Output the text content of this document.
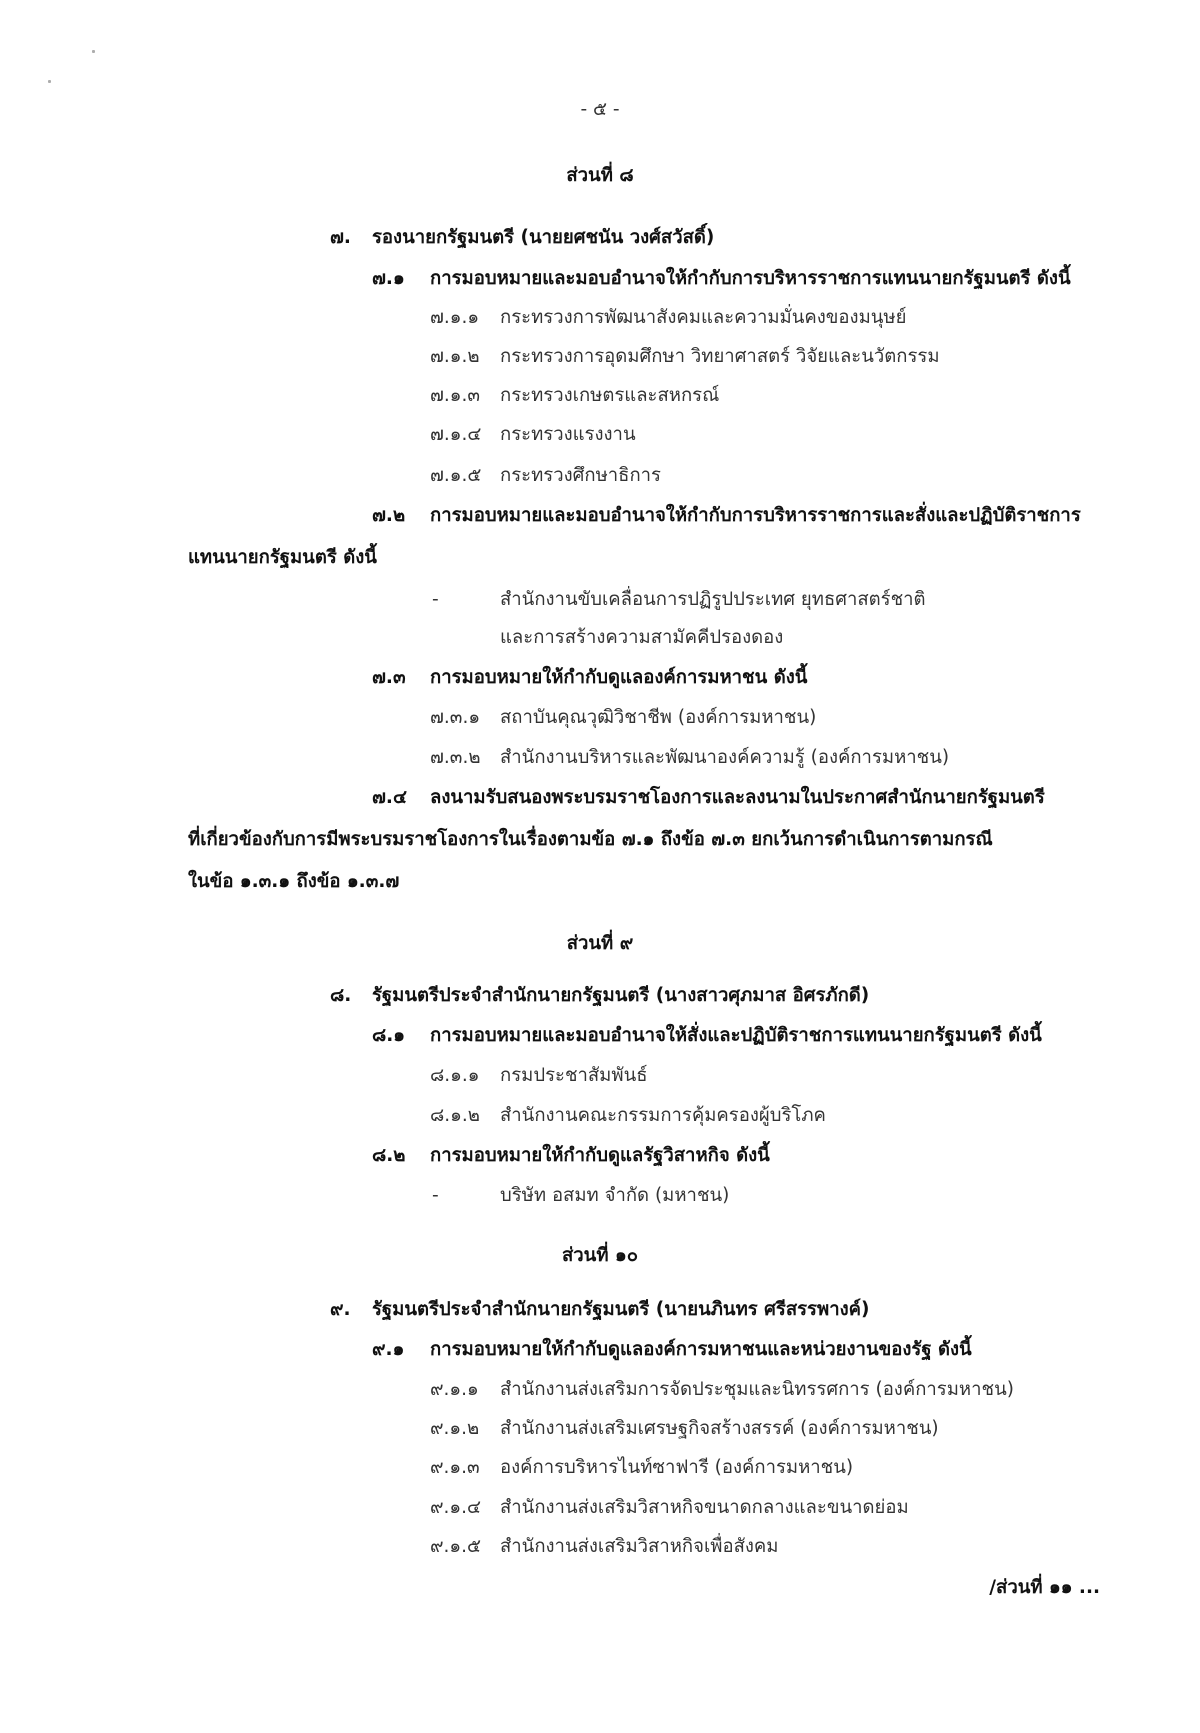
- ๕ -
ส่วนที่ ๘
๗. รองนายกรัฐมนตรี (นายยศชนัน วงศ์สวัสดิ์)
๗.๑ การมอบหมายและมอบอำนาจให้กำกับการบริหารราชการแทนนายกรัฐมนตรี ดังนี้
๗.๑.๑ กระทรวงการพัฒนาสังคมและความมั่นคงของมนุษย์
๗.๑.๒ กระทรวงการอุดมศึกษา วิทยาศาสตร์ วิจัยและนวัตกรรม
๗.๑.๓ กระทรวงเกษตรและสหกรณ์
๗.๑.๔ กระทรวงแรงงาน
๗.๑.๕ กระทรวงศึกษาธิการ
๗.๒ การมอบหมายและมอบอำนาจให้กำกับการบริหารราชการและสั่งและปฏิบัติราชการ
แทนนายกรัฐมนตรี ดังนี้
-	สำนักงานขับเคลื่อนการปฏิรูปประเทศ ยุทธศาสตร์ชาติ
และการสร้างความสามัคคีปรองดอง
๗.๓ การมอบหมายให้กำกับดูแลองค์การมหาชน ดังนี้
๗.๓.๑ สถาบันคุณวุฒิวิชาชีพ (องค์การมหาชน)
๗.๓.๒ สำนักงานบริหารและพัฒนาองค์ความรู้ (องค์การมหาชน)
๗.๔ ลงนามรับสนองพระบรมราชโองการและลงนามในประกาศสำนักนายกรัฐมนตรี
ที่เกี่ยวข้องกับการมีพระบรมราชโองการในเรื่องตามข้อ ๗.๑ ถึงข้อ ๗.๓ ยกเว้นการดำเนินการตามกรณี
ในข้อ ๑.๓.๑ ถึงข้อ ๑.๓.๗
ส่วนที่ ๙
๘. รัฐมนตรีประจำสำนักนายกรัฐมนตรี (นางสาวศุภมาส อิศรภักดี)
๘.๑ การมอบหมายและมอบอำนาจให้สั่งและปฏิบัติราชการแทนนายกรัฐมนตรี ดังนี้
๘.๑.๑ กรมประชาสัมพันธ์
๘.๑.๒ สำนักงานคณะกรรมการคุ้มครองผู้บริโภค
๘.๒ การมอบหมายให้กำกับดูแลรัฐวิสาหกิจ ดังนี้
-	บริษัท อสมท จำกัด (มหาชน)
ส่วนที่ ๑๐
๙. รัฐมนตรีประจำสำนักนายกรัฐมนตรี (นายนภินทร ศรีสรรพางค์)
๙.๑ การมอบหมายให้กำกับดูแลองค์การมหาชนและหน่วยงานของรัฐ ดังนี้
๙.๑.๑ สำนักงานส่งเสริมการจัดประชุมและนิทรรศการ (องค์การมหาชน)
๙.๑.๒ สำนักงานส่งเสริมเศรษฐกิจสร้างสรรค์ (องค์การมหาชน)
๙.๑.๓ องค์การบริหารไนท์ซาฟารี (องค์การมหาชน)
๙.๑.๔ สำนักงานส่งเสริมวิสาหกิจขนาดกลางและขนาดย่อม
๙.๑.๕ สำนักงานส่งเสริมวิสาหกิจเพื่อสังคม
/ส่วนที่ ๑๑ ...
